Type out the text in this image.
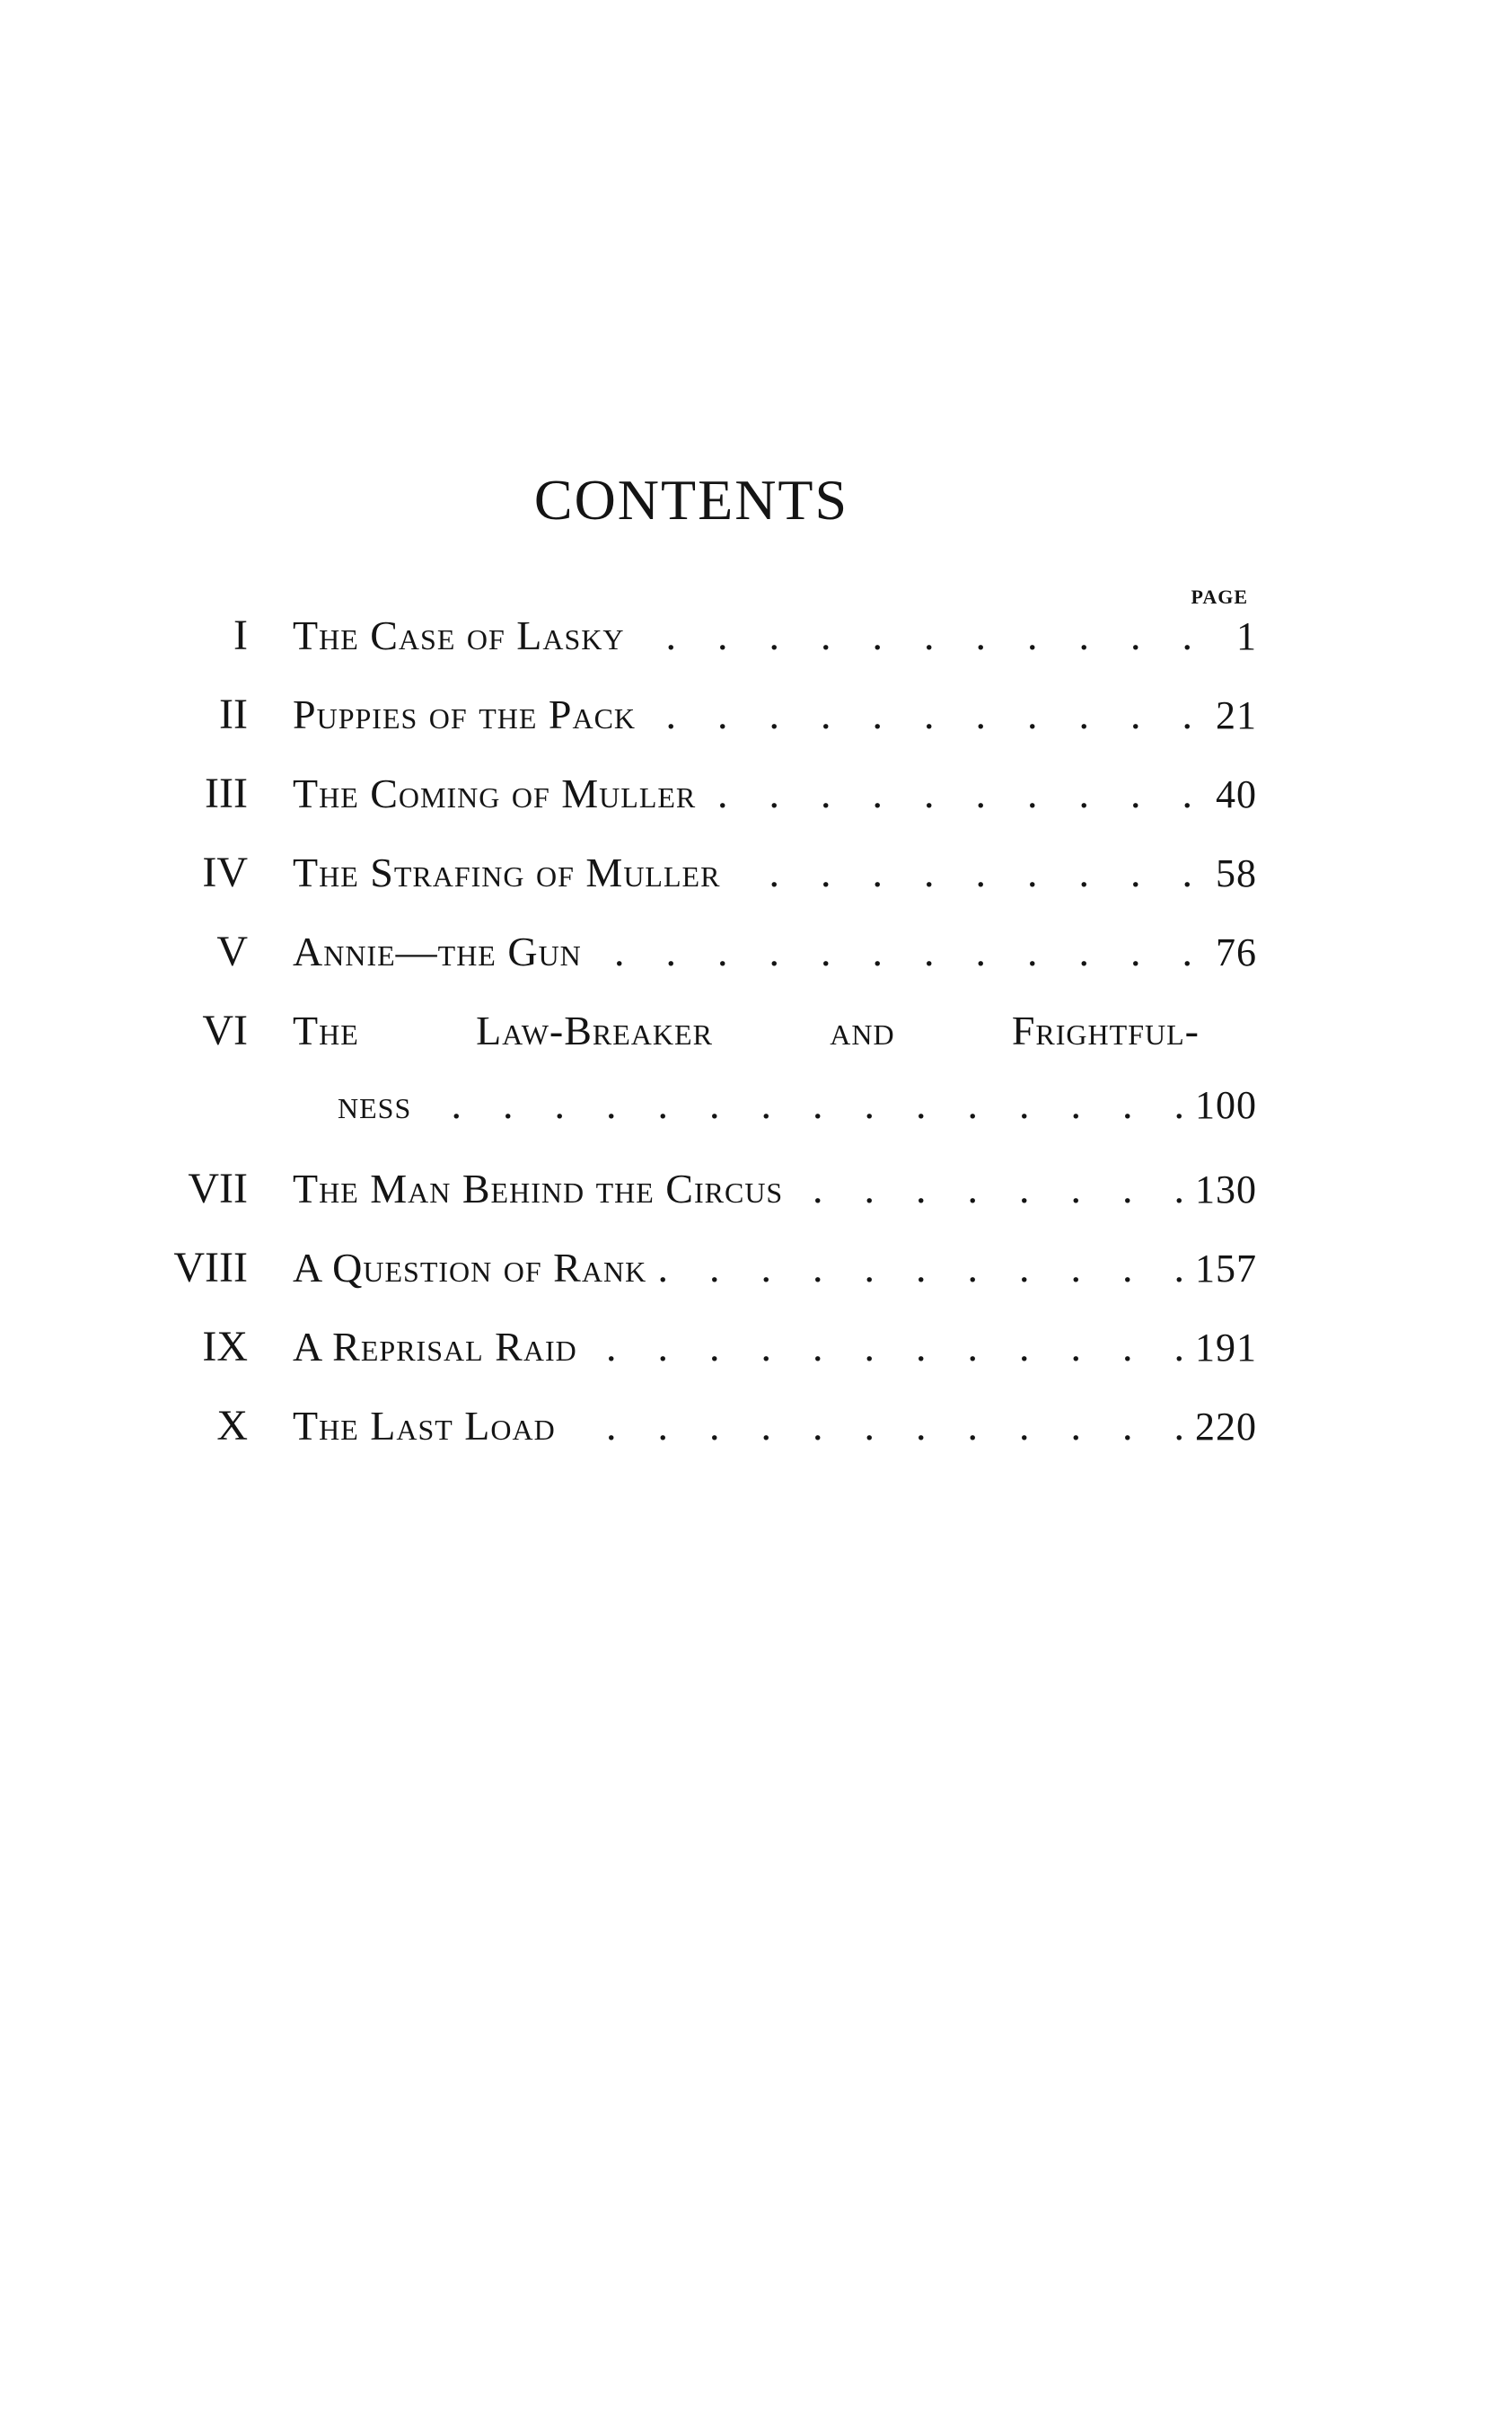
CONTENTS
PAGE
I The Case of Lasky .	1
II Puppies of the Pack .	21
III The Coming of Muller .	40
IV The Strafing of Muller .	58
V Annie—the Gun .	76
VI The	Law-Breaker	and	Frightful-
ness .	100
VII The Man Behind the Circus .	130
VIII A Question of Rank .	157
IX A Reprisal Raid .	191
X The Last Load .	220
